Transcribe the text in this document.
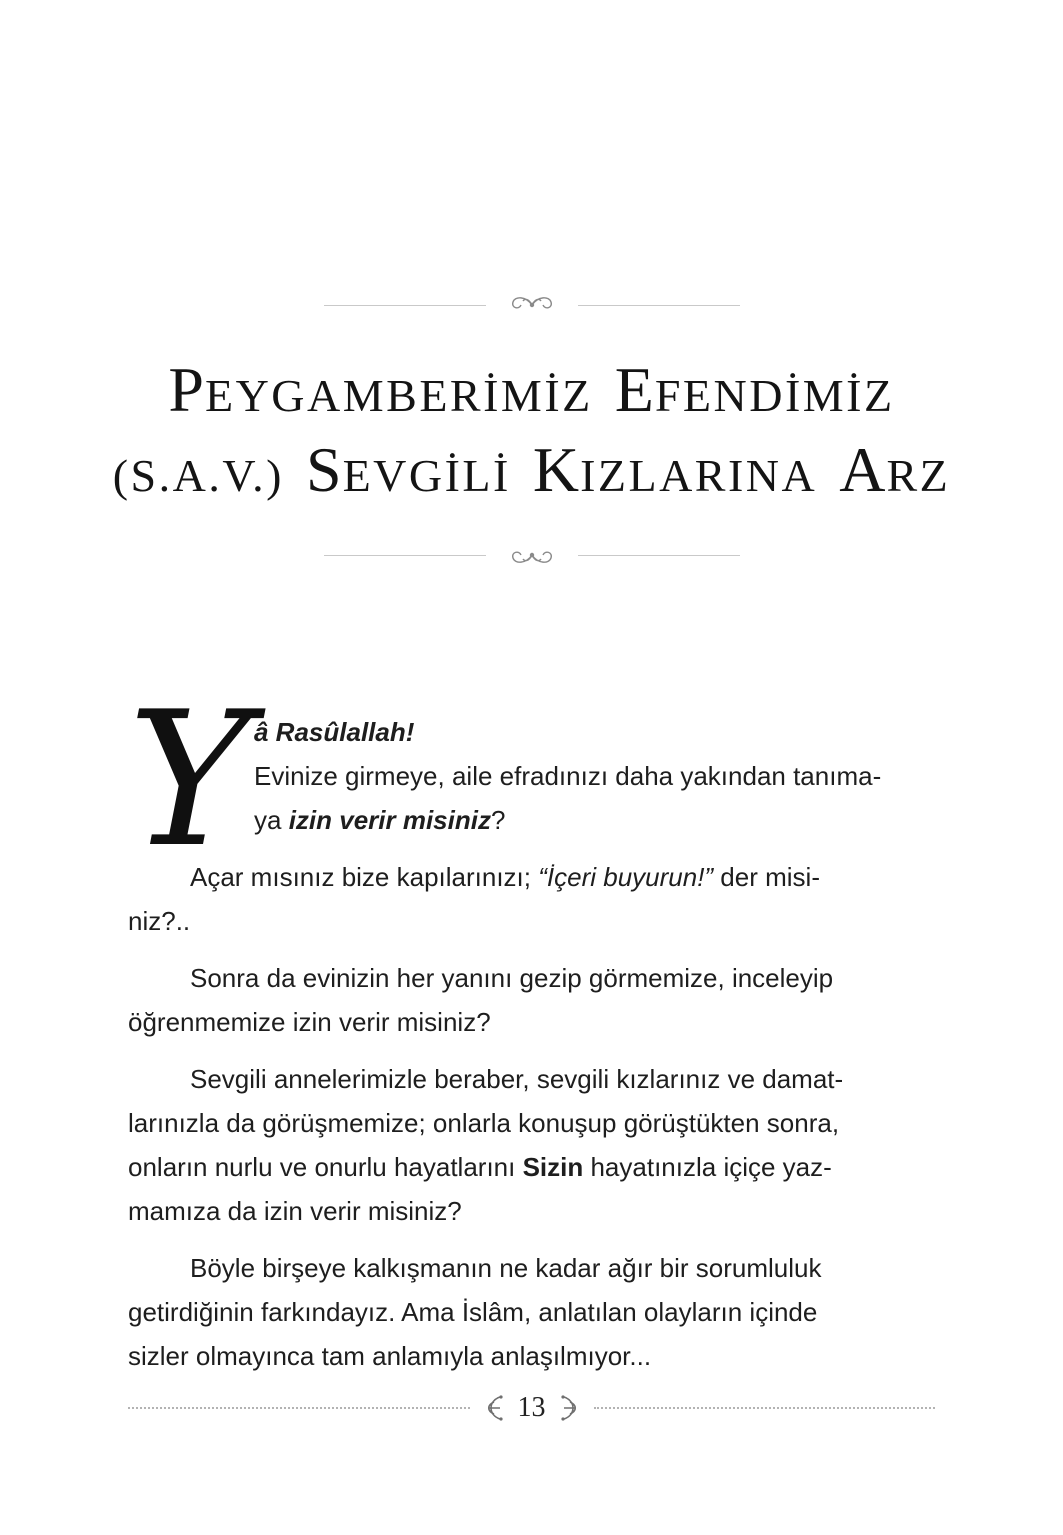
PEYGAMBERİMİZ EFENDİMİZ
(S.A.V.) SEVGİLİ KIZLARINA ARZ

Yâ Rasûlallah!
Evinize girmeye, aile efradınızı daha yakından tanıma-
ya izin verir misiniz?

Açar mısınız bize kapılarınızı; “İçeri buyurun!” der misi-
niz?..

Sonra da evinizin her yanını gezip görmemize, inceleyip
öğrenmemize izin verir misiniz?

Sevgili annelerimizle beraber, sevgili kızlarınız ve damat-
larınızla da görüşmemize; onlarla konuşup görüştükten sonra,
onların nurlu ve onurlu hayatlarını Sizin hayatınızla içiçe yaz-
mamıza da izin verir misiniz?

Böyle birşeye kalkışmanın ne kadar ağır bir sorumluluk
getirdiğinin farkındayız. Ama İslâm, anlatılan olayların içinde
sizler olmayınca tam anlamıyla anlaşılmıyor...

13
